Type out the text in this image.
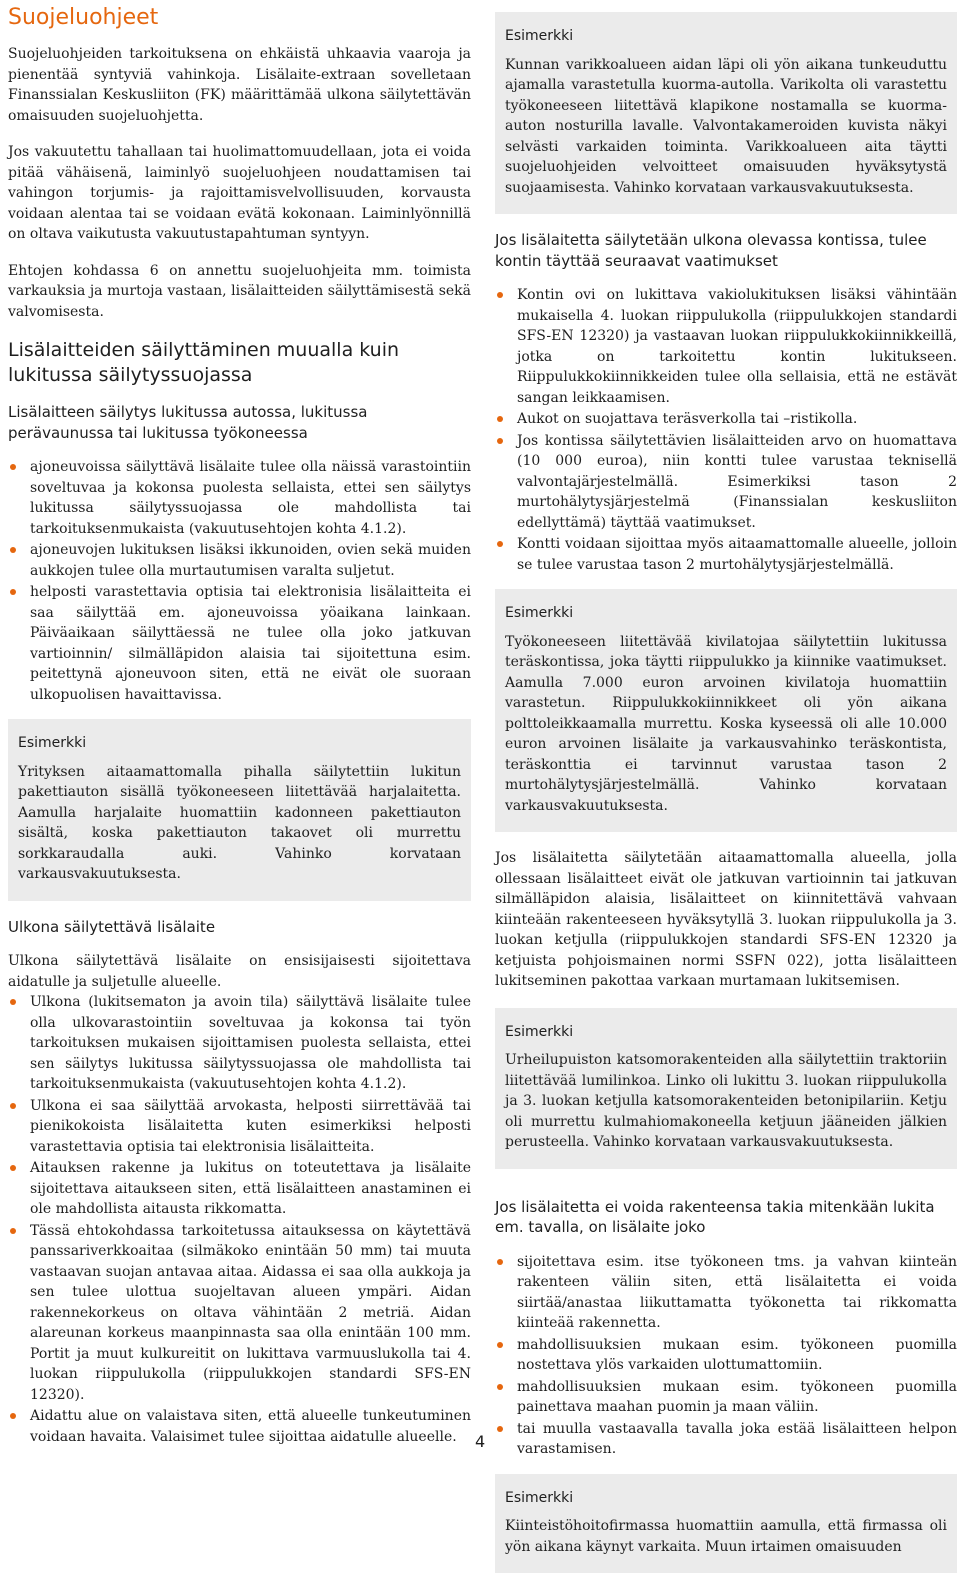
Suojeluohjeet

Suojeluohjeiden tarkoituksena on ehkäistä uhkaavia vaaroja ja pienentää syntyviä vahinkoja. Lisälaite-extraan sovelletaan Finanssialan Keskusliiton (FK) määrittämää ulkona säilytettävän omaisuuden suojeluohjetta.

Jos vakuutettu tahallaan tai huolimattomuudellaan, jota ei voida pitää vähäisenä, laiminlyö suojeluohjeen noudattamisen tai vahingon torjumis- ja rajoittamisvelvollisuuden, korvausta voidaan alentaa tai se voidaan evätä kokonaan. Laiminlyönnillä on oltava vaikutusta vakuutustapahtuman syntyyn.

Ehtojen kohdassa 6 on annettu suojeluohjeita mm. toimista varkauksia ja murtoja vastaan, lisälaitteiden säilyttämisestä sekä valvomisesta.

Lisälaitteiden säilyttäminen muualla kuin lukitussa säilytyssuojassa
Lisälaitteen säilytys lukitussa autossa, lukitussa perävaunussa tai lukitussa työkoneessa
ajoneuvoissa säilyttävä lisälaite tulee olla näissä varastointiin soveltuvaa ja kokonsa puolesta sellaista, ettei sen säilytys lukitussa säilytyssuojassa ole mahdollista tai tarkoituksenmukaista (vakuutusehtojen kohta 4.1.2).
ajoneuvojen lukituksen lisäksi ikkunoiden, ovien sekä muiden aukkojen tulee olla murtautumisen varalta suljetut.
helposti varastettavia optisia tai elektronisia lisälaitteita ei saa säilyttää em. ajoneuvoissa yöaikana lainkaan. Päiväaikaan säilyttäessä ne tulee olla joko jatkuvan vartioinnin/ silmälläpidon alaisia tai sijoitettuna esim. peitettynä ajoneuvoon siten, että ne eivät ole suoraan ulkopuolisen havaittavissa.
Esimerkki
Yrityksen aitaamattomalla pihalla säilytettiin lukitun pakettiauton sisällä työkoneeseen liitettävää harjalaitetta. Aamulla harjalaite huomattiin kadonneen pakettiauton sisältä, koska pakettiauton takaovet oli murrettu sorkkaraudalla auki. Vahinko korvataan varkausvakuutuksesta.
Ulkona säilytettävä lisälaite
Ulkona säilytettävä lisälaite on ensisijaisesti sijoitettava aidatulle ja suljetulle alueelle.
Ulkona (lukitsematon ja avoin tila) säilyttävä lisälaite tulee olla ulkovarastointiin soveltuvaa ja kokonsa tai työn tarkoituksen mukaisen sijoittamisen puolesta sellaista, ettei sen säilytys lukitussa säilytyssuojassa ole mahdollista tai tarkoituksenmukaista (vakuutusehtojen kohta 4.1.2).
Ulkona ei saa säilyttää arvokasta, helposti siirrettävää tai pienikokoista lisälaitetta kuten esimerkiksi helposti varastettavia optisia tai elektronisia lisälaitteita.
Aitauksen rakenne ja lukitus on toteutettava ja lisälaite sijoitettava aitaukseen siten, että lisälaitteen anastaminen ei ole mahdollista aitausta rikkomatta.
Tässä ehtokohdassa tarkoitetussa aitauksessa on käytettävä panssariverkkoaitaa (silmäkoko enintään 50 mm) tai muuta vastaavan suojan antavaa aitaa. Aidassa ei saa olla aukkoja ja sen tulee ulottua suojeltavan alueen ympäri. Aidan rakennekorkeus on oltava vähintään 2 metriä. Aidan alareunan korkeus maanpinnasta saa olla enintään 100 mm. Portit ja muut kulkureitit on lukittava varmuuslukolla tai 4. luokan riippulukolla (riippulukkojen standardi SFS-EN 12320).
Aidattu alue on valaistava siten, että alueelle tunkeutuminen voidaan havaita. Valaisimet tulee sijoittaa aidatulle alueelle.
Esimerkki
Kunnan varikkoalueen aidan läpi oli yön aikana tunkeuduttu ajamalla varastetulla kuorma-autolla. Varikolta oli varastettu työkoneeseen liitettävä klapikone nostamalla se kuorma-auton nosturilla lavalle. Valvontakameroiden kuvista näkyi selvästi varkaiden toiminta. Varikkoalueen aita täytti suojeluohjeiden velvoitteet omaisuuden hyväksytystä suojaamisesta. Vahinko korvataan varkausvakuutuksesta.
Jos lisälaitetta säilytetään ulkona olevassa kontissa, tulee kontin täyttää seuraavat vaatimukset
Kontin ovi on lukittava vakiolukituksen lisäksi vähintään mukaisella 4. luokan riippulukolla (riippulukkojen standardi SFS-EN 12320) ja vastaavan luokan riippulukkokiinnikkeillä, jotka on tarkoitettu kontin lukitukseen. Riippulukkokiinnikkeiden tulee olla sellaisia, että ne estävät sangan leikkaamisen.
Aukot on suojattava teräsverkolla tai –ristikolla.
Jos kontissa säilytettävien lisälaitteiden arvo on huomattava (10 000 euroa), niin kontti tulee varustaa teknisellä valvontajärjestelmällä. Esimerkiksi tason 2 murtohälytysjärjestelmä (Finanssialan keskusliiton edellyttämä) täyttää vaatimukset.
Kontti voidaan sijoittaa myös aitaamattomalle alueelle, jolloin se tulee varustaa tason 2 murtohälytysjärjestelmällä.
Esimerkki
Työkoneeseen liitettävää kivilatojaa säilytettiin lukitussa teräskontissa, joka täytti riippulukko ja kiinnike vaatimukset. Aamulla 7.000 euron arvoinen kivilatoja huomattiin varastetun. Riippulukkokiinnikkeet oli yön aikana polttoleikkaamalla murrettu. Koska kyseessä oli alle 10.000 euron arvoinen lisälaite ja varkausvahinko teräskontista, teräskonttia ei tarvinnut varustaa tason 2 murtohälytysjärjestelmällä. Vahinko korvataan varkausvakuutuksesta.

Jos lisälaitetta säilytetään aitaamattomalla alueella, jolla ollessaan lisälaitteet eivät ole jatkuvan vartioinnin tai jatkuvan silmälläpidon alaisia, lisälaitteet on kiinnitettävä vahvaan kiinteään rakenteeseen hyväksytyllä 3. luokan riippulukolla ja 3. luokan ketjulla (riippulukkojen standardi SFS-EN 12320 ja ketjuista pohjoismainen normi SSFN 022), jotta lisälaitteen lukitseminen pakottaa varkaan murtamaan lukitsemisen.

Esimerkki
Urheilupuiston katsomorakenteiden alla säilytettiin traktoriin liitettävää lumilinkoa. Linko oli lukittu 3. luokan riippulukolla ja 3. luokan ketjulla katsomorakenteiden betonipilariin. Ketju oli murrettu kulmahiomakoneella ketjuun jääneiden jälkien perusteella. Vahinko korvataan varkausvakuutuksesta.
Jos lisälaitetta ei voida rakenteensa takia mitenkään lukita em. tavalla, on lisälaite joko
sijoitettava esim. itse työkoneen tms. ja vahvan kiinteän rakenteen väliin siten, että lisälaitetta ei voida siirtää/anastaa liikuttamatta työkonetta tai rikkomatta kiinteää rakennetta.
mahdollisuuksien mukaan esim. työkoneen puomilla nostettava ylös varkaiden ulottumattomiin.
mahdollisuuksien mukaan esim. työkoneen puomilla painettava maahan puomin ja maan väliin.
tai muulla vastaavalla tavalla joka estää lisälaitteen helpon varastamisen.
Esimerkki
Kiinteistöhoitofirmassa huomattiin aamulla, että firmassa oli yön aikana käynyt varkaita. Muun irtaimen omaisuuden
4
